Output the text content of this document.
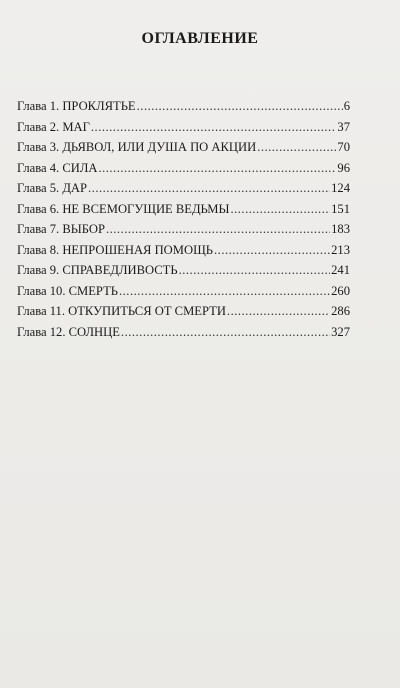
ОГЛАВЛЕНИЕ
Глава 1. ПРОКЛЯТЬЕ .....	6
Глава 2. МАГ .....	37
Глава 3. ДЬЯВОЛ, ИЛИ ДУША ПО АКЦИИ .....	70
Глава 4. СИЛА .....	96
Глава 5. ДАР .....	124
Глава 6. НЕ ВСЕМОГУЩИЕ ВЕДЬМЫ .....	151
Глава 7. ВЫБОР .....	183
Глава 8. НЕПРОШЕНАЯ ПОМОЩЬ .....	213
Глава 9. СПРАВЕДЛИВОСТЬ .....	241
Глава 10. СМЕРТЬ .....	260
Глава 11. ОТКУПИТЬСЯ ОТ СМЕРТИ .....	286
Глава 12. СОЛНЦЕ .....	327
